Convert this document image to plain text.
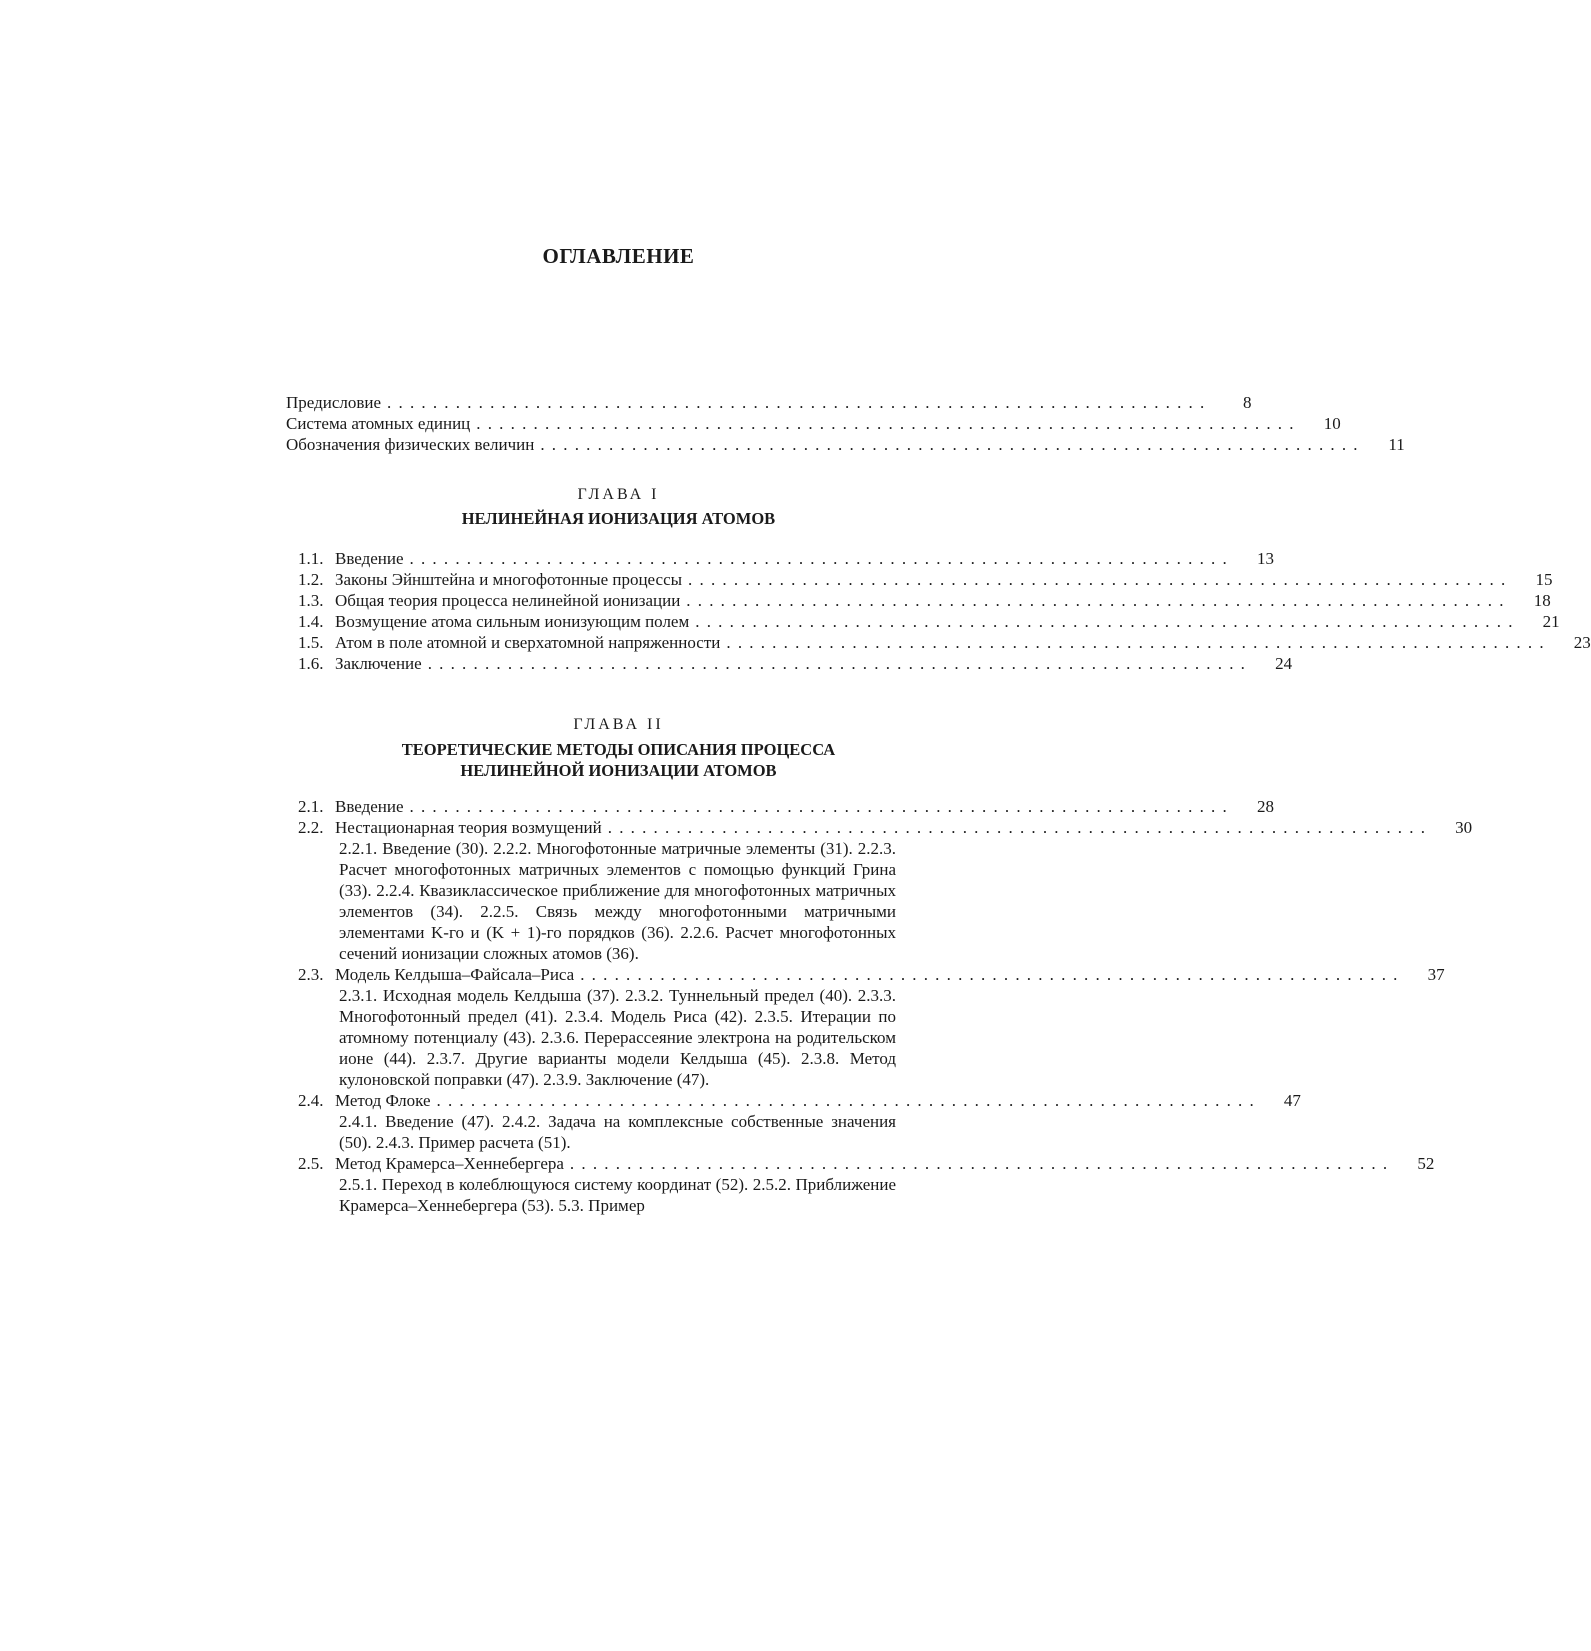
ОГЛАВЛЕНИЕ
Предисловие ........................................................................	8
Система атомных единиц ........................................................................	10
Обозначения физических величин ........................................................................	11
ГЛАВА I
НЕЛИНЕЙНАЯ ИОНИЗАЦИЯ АТОМОВ
1.1. Введение ........................................................................	13
1.2. Законы Эйнштейна и многофотонные процессы ........................................................................	15
1.3. Общая теория процесса нелинейной ионизации ........................................................................	18
1.4. Возмущение атома сильным ионизующим полем ........................................................................	21
1.5. Атом в поле атомной и сверхатомной напряженности ........................................................................	23
1.6. Заключение ........................................................................	24
ГЛАВА II
ТЕОРЕТИЧЕСКИЕ МЕТОДЫ ОПИСАНИЯ ПРОЦЕССА
НЕЛИНЕЙНОЙ ИОНИЗАЦИИ АТОМОВ
2.1. Введение ........................................................................	28
2.2. Нестационарная теория возмущений ........................................................................	30
2.2.1. Введение (30). 2.2.2. Многофотонные матричные элементы (31). 2.2.3. Расчет многофотонных матричных элементов с помощью функций Грина (33). 2.2.4. Квазиклассическое приближение для многофотонных матричных элементов (34). 2.2.5. Связь между многофотонными матричными элементами K-го и (K + 1)-го порядков (36). 2.2.6. Расчет многофотонных сечений ионизации сложных атомов (36).
2.3. Модель Келдыша–Файсала–Риса ........................................................................	37
2.3.1. Исходная модель Келдыша (37). 2.3.2. Туннельный предел (40). 2.3.3. Многофотонный предел (41). 2.3.4. Модель Риса (42). 2.3.5. Итерации по атомному потенциалу (43). 2.3.6. Перерассеяние электрона на родительском ионе (44). 2.3.7. Другие варианты модели Келдыша (45). 2.3.8. Метод кулоновской поправки (47). 2.3.9. Заключение (47).
2.4. Метод Флоке ........................................................................	47
2.4.1. Введение (47). 2.4.2. Задача на комплексные собственные значения (50). 2.4.3. Пример расчета (51).
2.5. Метод Крамерса–Хеннебергера ........................................................................	52
2.5.1. Переход в колеблющуюся систему координат (52). 2.5.2. Приближение Крамерса–Хеннебергера (53). 5.3. Пример
